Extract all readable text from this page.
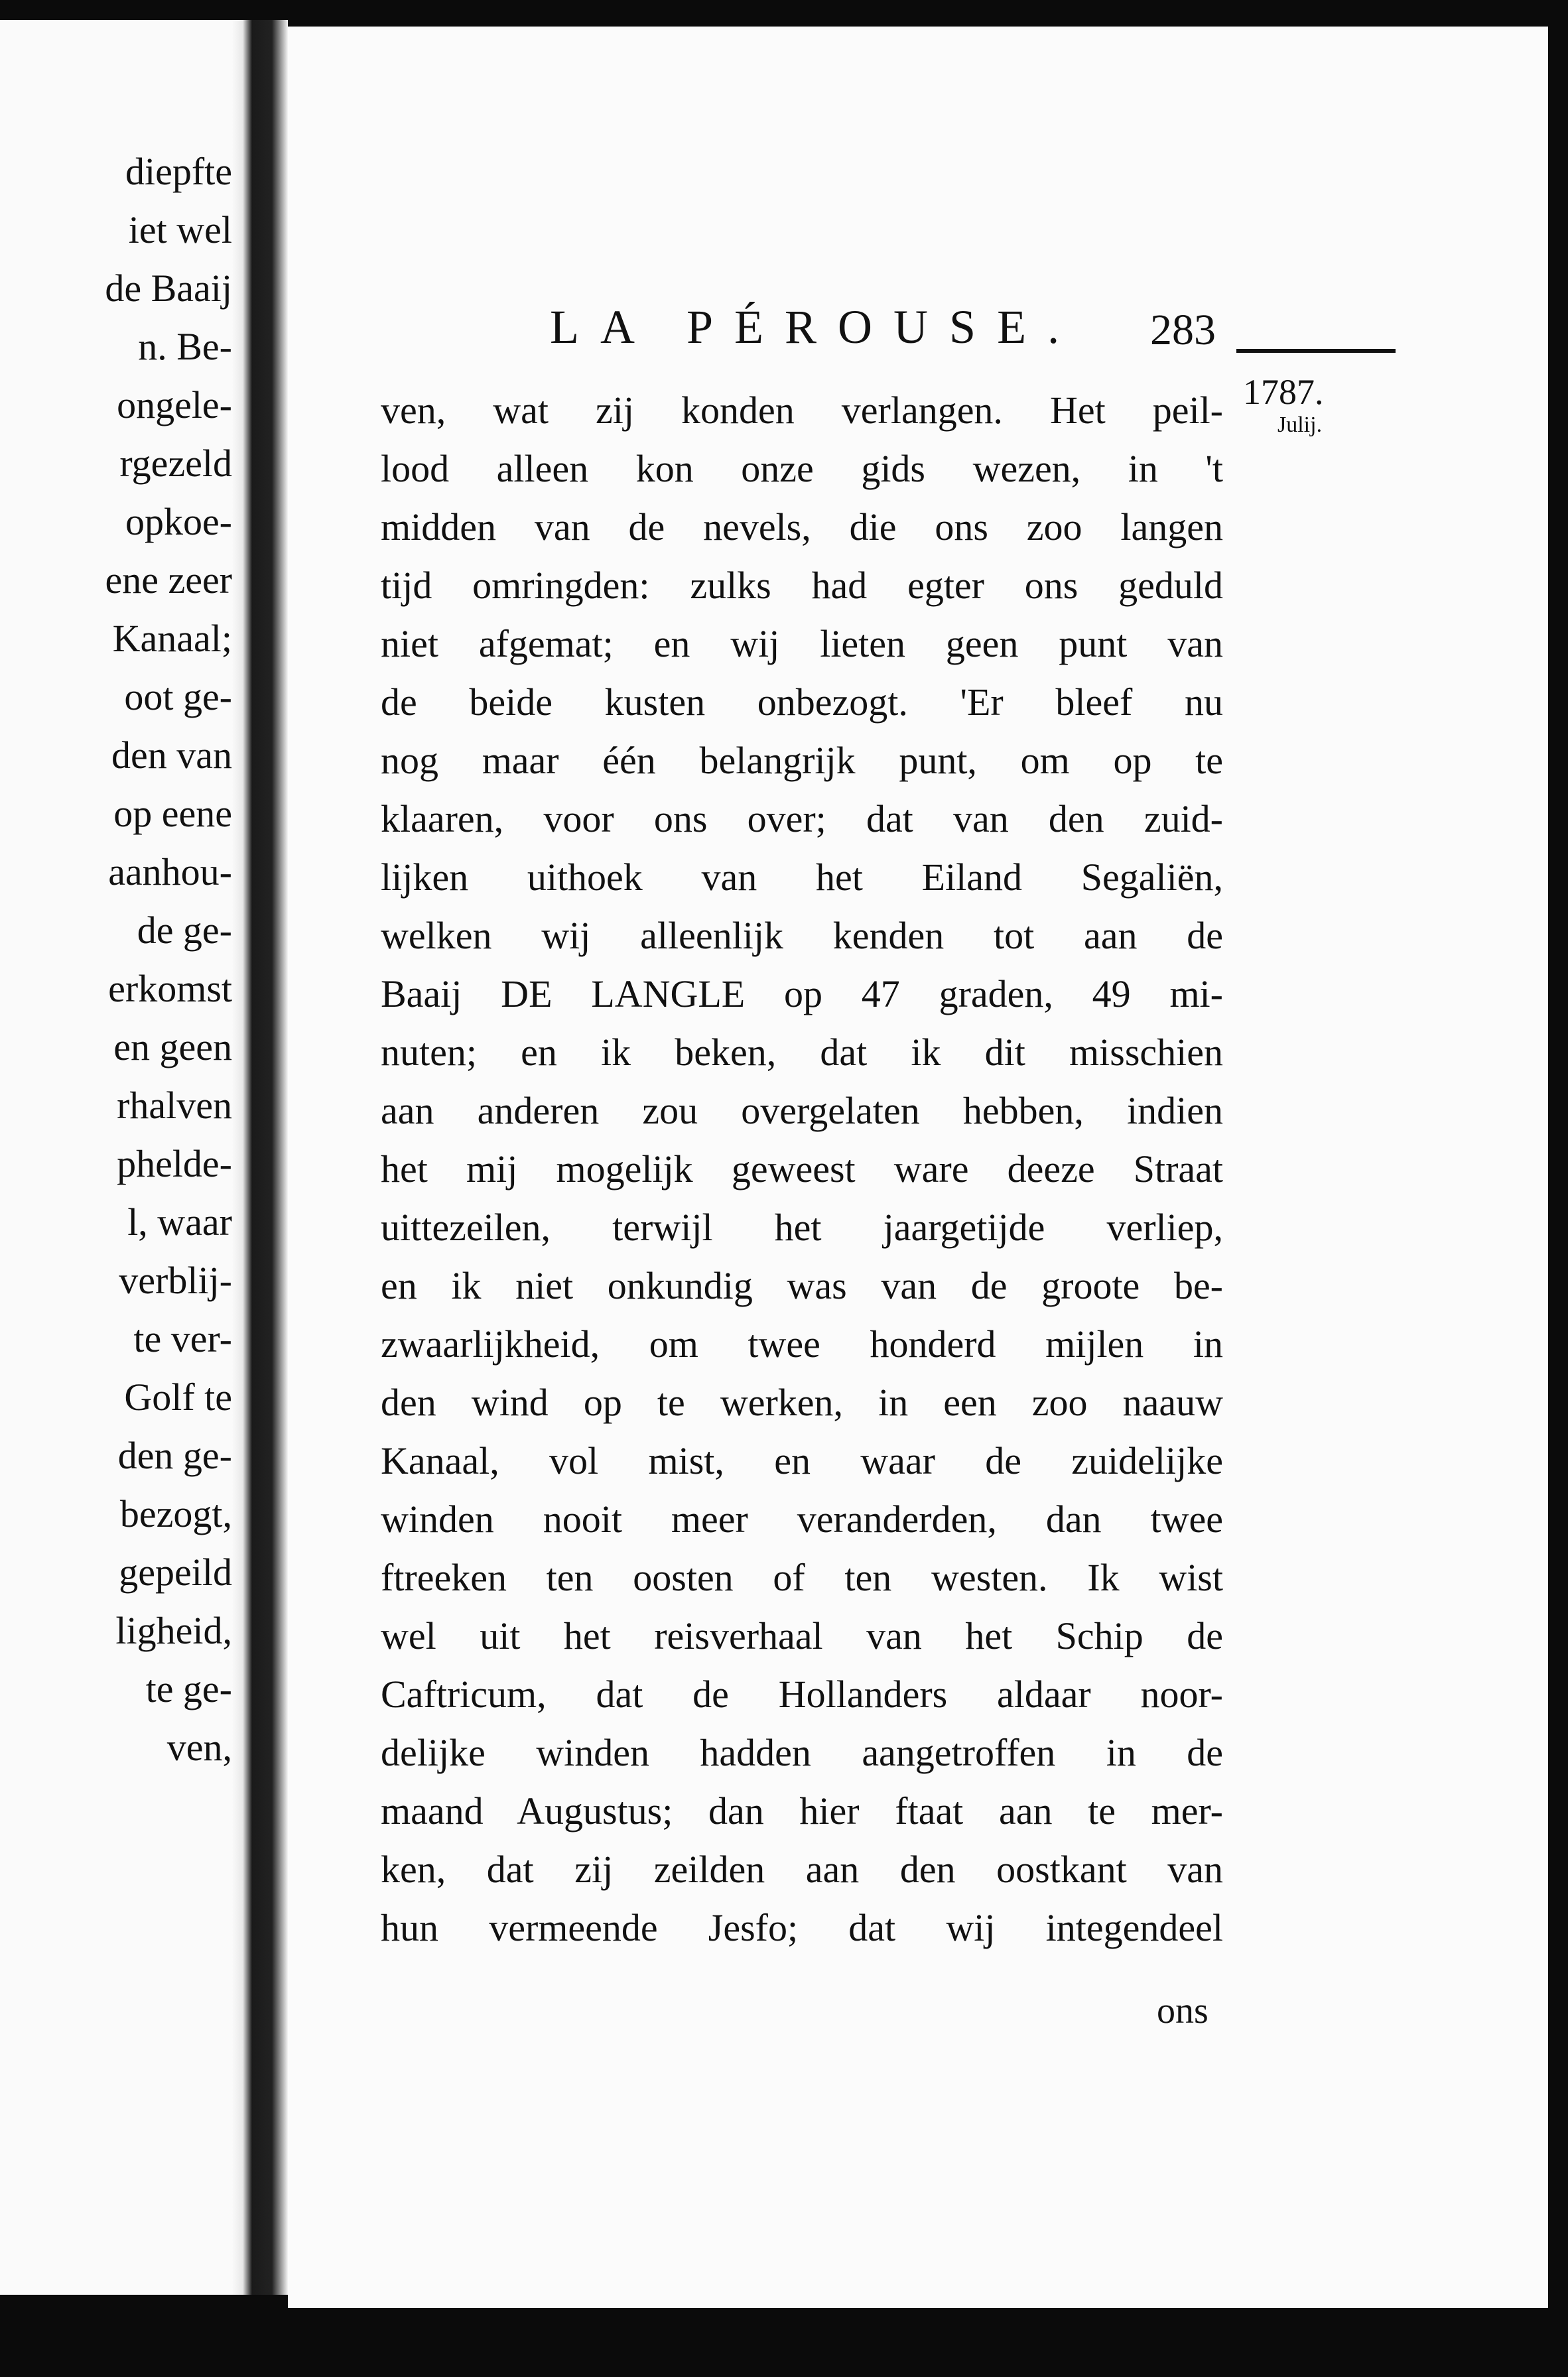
diepfte
iet wel
de Baaij
n. Be-
ongele-
rgezeld
opkoe-
ene zeer
Kanaal;
oot ge-
den van
op eene
aanhou-
de ge-
erkomst
en geen
rhalven
phelde-
l, waar
verblij-
te ver-
Golf te
den ge-
bezogt,
gepeild
ligheid,
te ge-
ven,
LA PÉROUSE. 283
1787.
Julij.
ven, wat zij konden verlangen. Het peil-
lood alleen kon onze gids wezen, in 't
midden van de nevels, die ons zoo langen
tijd omringden: zulks had egter ons geduld
niet afgemat; en wij lieten geen punt van
de beide kusten onbezogt. 'Er bleef nu
nog maar één belangrijk punt, om op te
klaaren, voor ons over; dat van den zuid-
lijken uithoek van het Eiland Segaliën,
welken wij alleenlijk kenden tot aan de
Baaij DE LANGLE op 47 graden, 49 mi-
nuten; en ik beken, dat ik dit misschien
aan anderen zou overgelaten hebben, indien
het mij mogelijk geweest ware deeze Straat
uittezeilen, terwijl het jaargetijde verliep,
en ik niet onkundig was van de groote be-
zwaarlijkheid, om twee honderd mijlen in
den wind op te werken, in een zoo naauw
Kanaal, vol mist, en waar de zuidelijke
winden nooit meer veranderden, dan twee
ftreeken ten oosten of ten westen. Ik wist
wel uit het reisverhaal van het Schip de
Caftricum, dat de Hollanders aldaar noor-
delijke winden hadden aangetroffen in de
maand Augustus; dan hier ftaat aan te mer-
ken, dat zij zeilden aan den oostkant van
hun vermeende Jesfo; dat wij integendeel
ons
